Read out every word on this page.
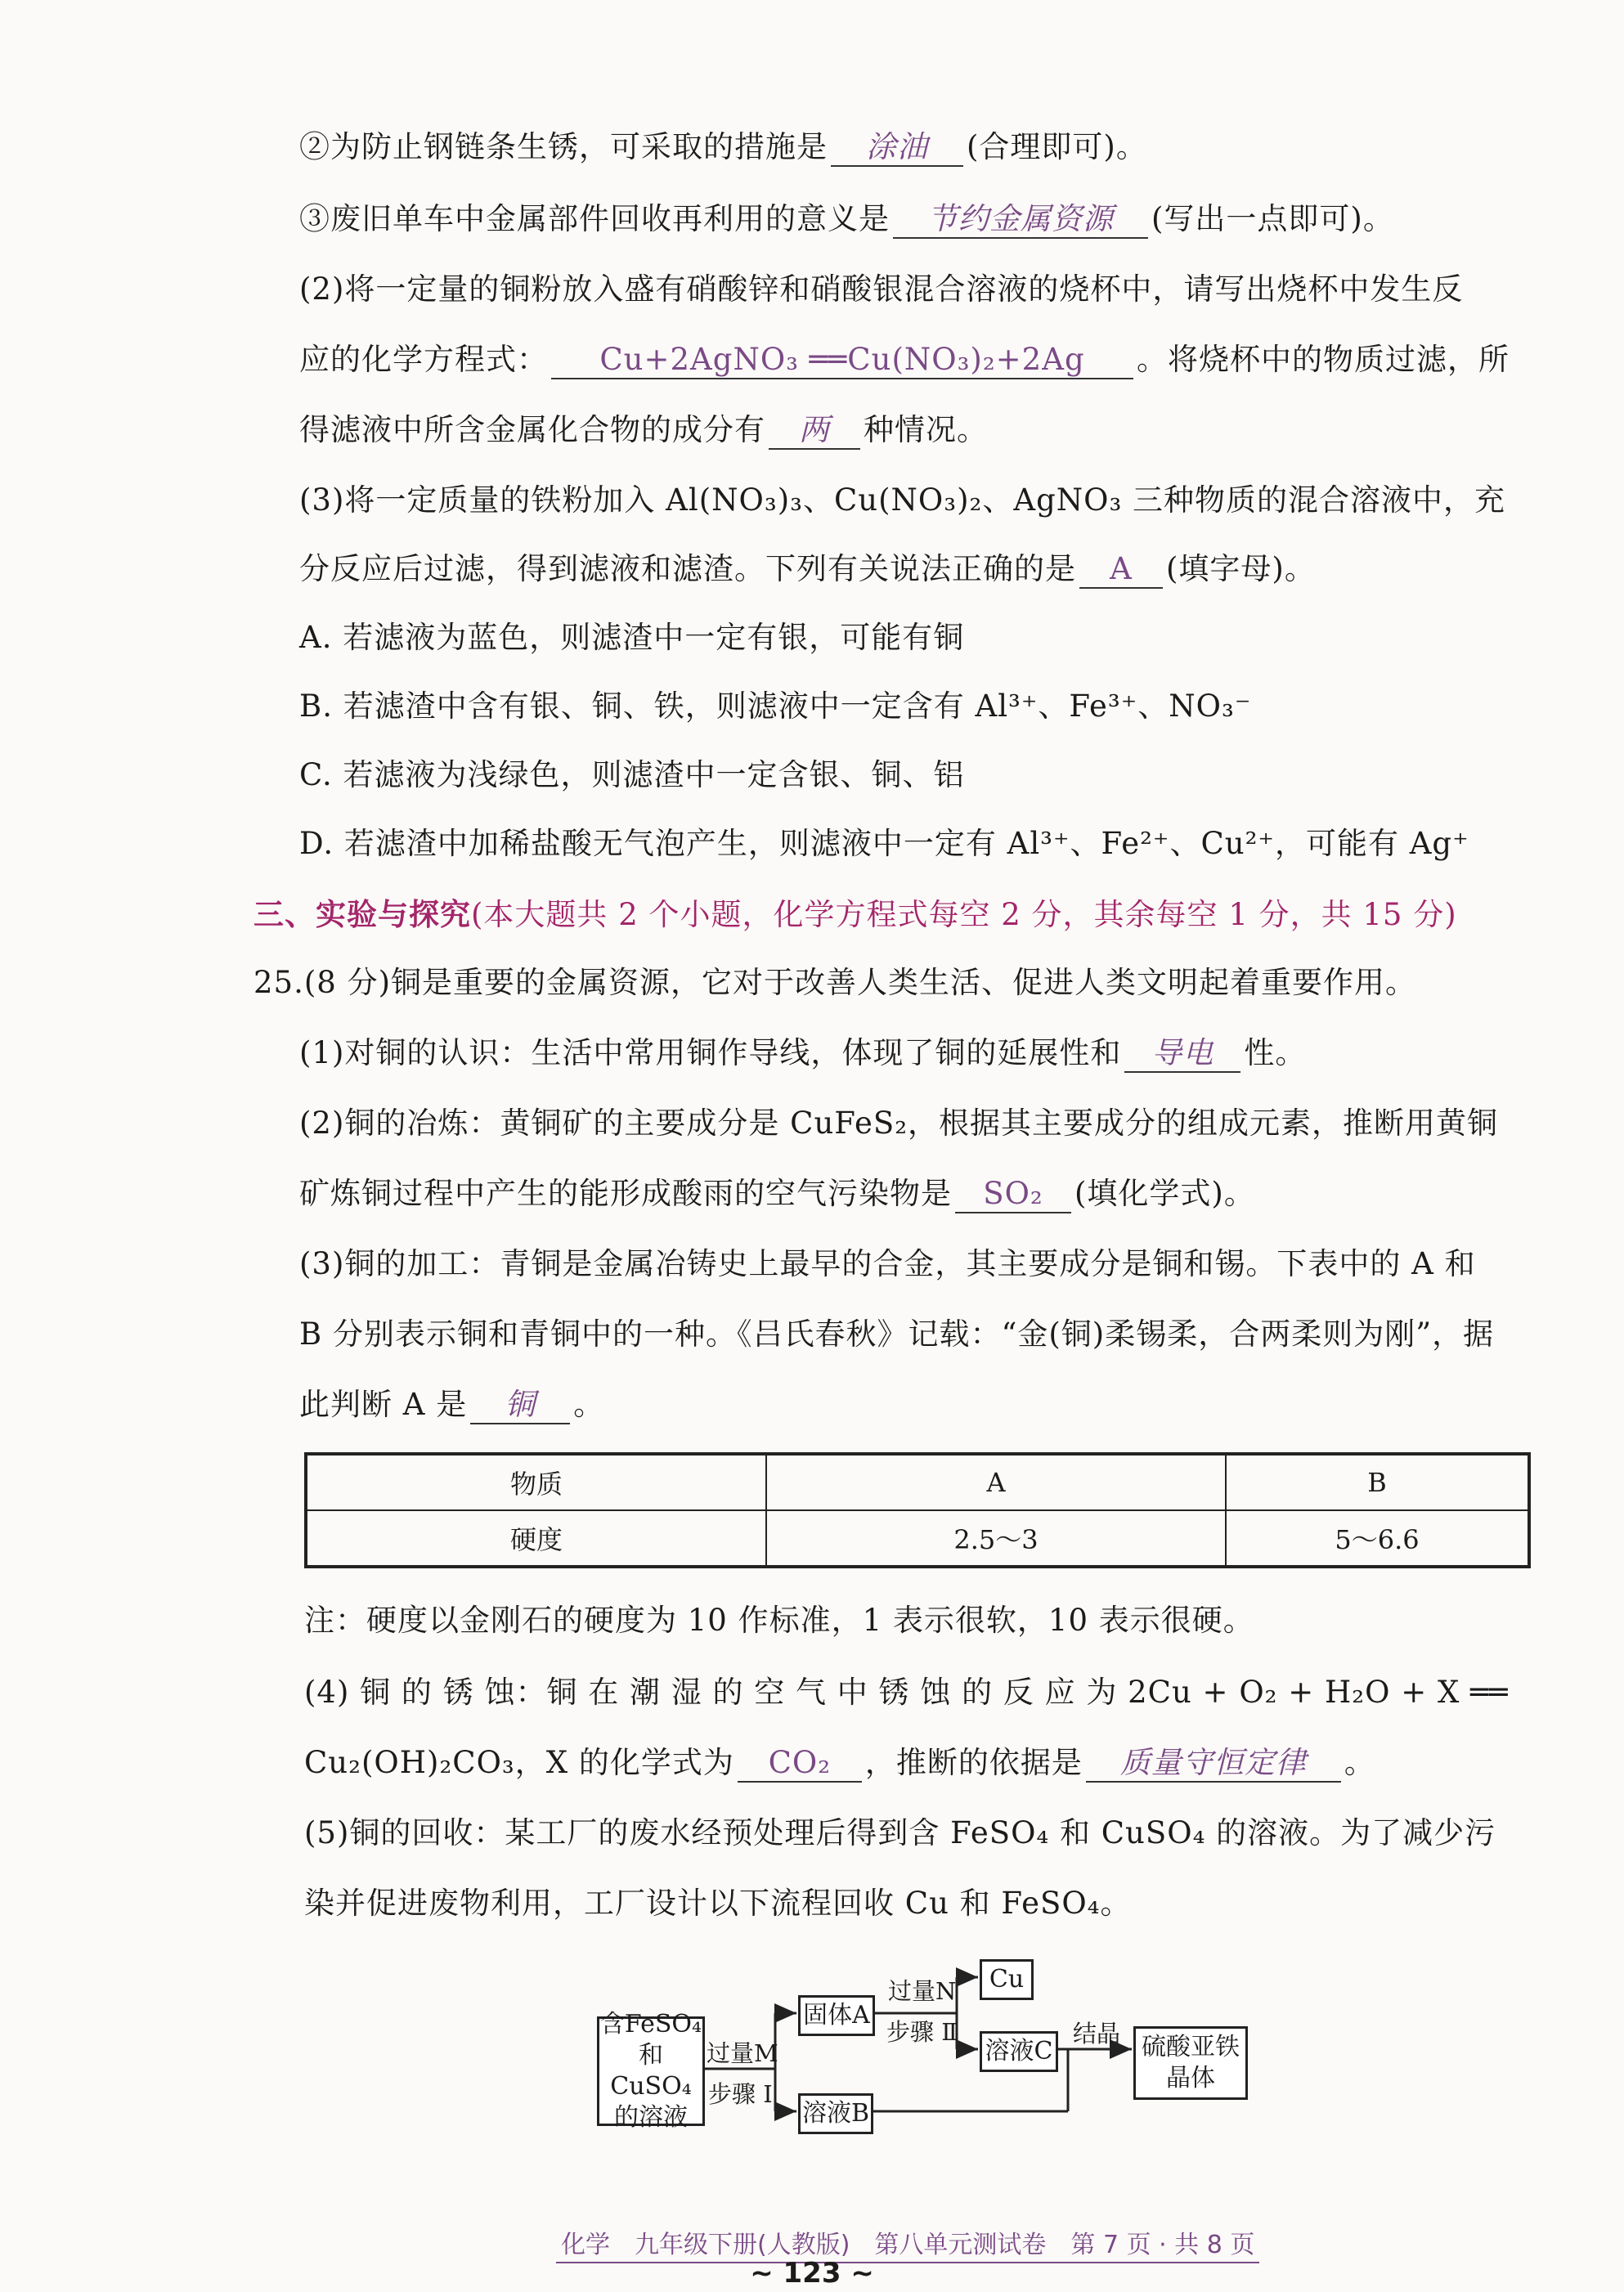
②为防止钢链条生锈，可采取的措施是 涂油 (合理即可)。
③废旧单车中金属部件回收再利用的意义是 节约金属资源 (写出一点即可)。
(2)将一定量的铜粉放入盛有硝酸锌和硝酸银混合溶液的烧杯中，请写出烧杯中发生反
应的化学方程式： Cu+2AgNO₃ ══Cu(NO₃)₂+2Ag 。将烧杯中的物质过滤，所
得滤液中所含金属化合物的成分有 两 种情况。
(3)将一定质量的铁粉加入 Al(NO₃)₃、Cu(NO₃)₂、AgNO₃ 三种物质的混合溶液中，充
分反应后过滤，得到滤液和滤渣。下列有关说法正确的是 A (填字母)。
A. 若滤液为蓝色，则滤渣中一定有银，可能有铜
B. 若滤渣中含有银、铜、铁，则滤液中一定含有 Al³⁺、Fe³⁺、NO₃⁻
C. 若滤液为浅绿色，则滤渣中一定含银、铜、铝
D. 若滤渣中加稀盐酸无气泡产生，则滤液中一定有 Al³⁺、Fe²⁺、Cu²⁺，可能有 Ag⁺
三、实验与探究(本大题共 2 个小题，化学方程式每空 2 分，其余每空 1 分，共 15 分)
25.(8 分)铜是重要的金属资源，它对于改善人类生活、促进人类文明起着重要作用。
(1)对铜的认识：生活中常用铜作导线，体现了铜的延展性和 导电 性。
(2)铜的冶炼：黄铜矿的主要成分是 CuFeS₂，根据其主要成分的组成元素，推断用黄铜
矿炼铜过程中产生的能形成酸雨的空气污染物是 SO₂ (填化学式)。
(3)铜的加工：青铜是金属冶铸史上最早的合金，其主要成分是铜和锡。下表中的 A 和
B 分别表示铜和青铜中的一种。《吕氏春秋》记载：“金(铜)柔锡柔，合两柔则为刚”，据
此判断 A 是 铜 。
物质	A	B
硬度	2.5～3	5～6.6
注：硬度以金刚石的硬度为 10 作标准，1 表示很软，10 表示很硬。
(4) 铜 的 锈 蚀：铜 在 潮 湿 的 空 气 中 锈 蚀 的 反 应 为 2Cu + O₂ + H₂O + X ══
Cu₂(OH)₂CO₃，X 的化学式为 CO₂ ，推断的依据是 质量守恒定律 。
(5)铜的回收：某工厂的废水经预处理后得到含 FeSO₄ 和 CuSO₄ 的溶液。为了减少污
染并促进废物利用，工厂设计以下流程回收 Cu 和 FeSO₄。
含FeSO₄
和CuSO₄
的溶液
过量M
步骤 Ⅰ
固体A
溶液B
过量N
步骤 Ⅱ
Cu
溶液C
结晶 硫酸亚铁
晶体
化学　九年级下册(人教版)　第八单元测试卷　第 7 页 · 共 8 页
~ 123 ~
